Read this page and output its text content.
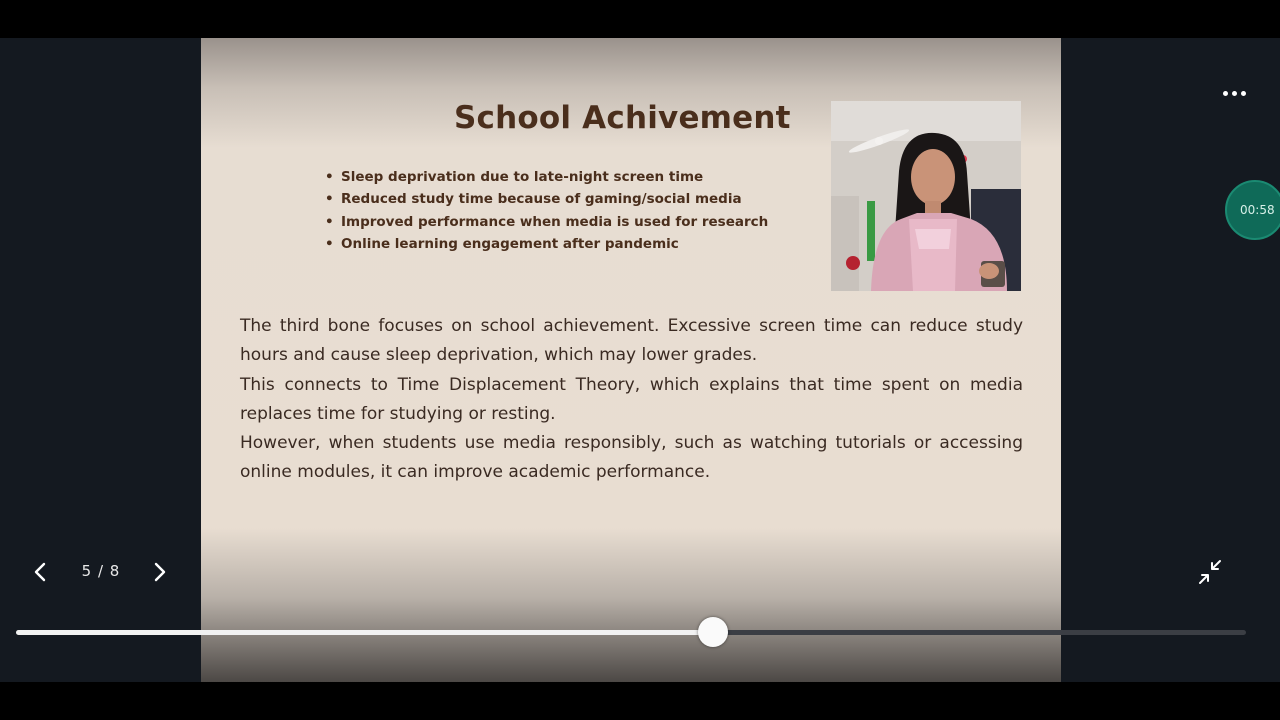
School Achivement
• Sleep deprivation due to late-night screen time
• Reduced study time because of gaming/social media
• Improved performance when media is used for research
• Online learning engagement after pandemic

The third bone focuses on school achievement. Excessive screen time can reduce study hours and cause sleep deprivation, which may lower grades.

This connects to Time Displacement Theory, which explains that time spent on media replaces time for studying or resting.

However, when students use media responsibly, such as watching tutorials or accessing online modules, it can improve academic performance.

00:58
5 / 8
